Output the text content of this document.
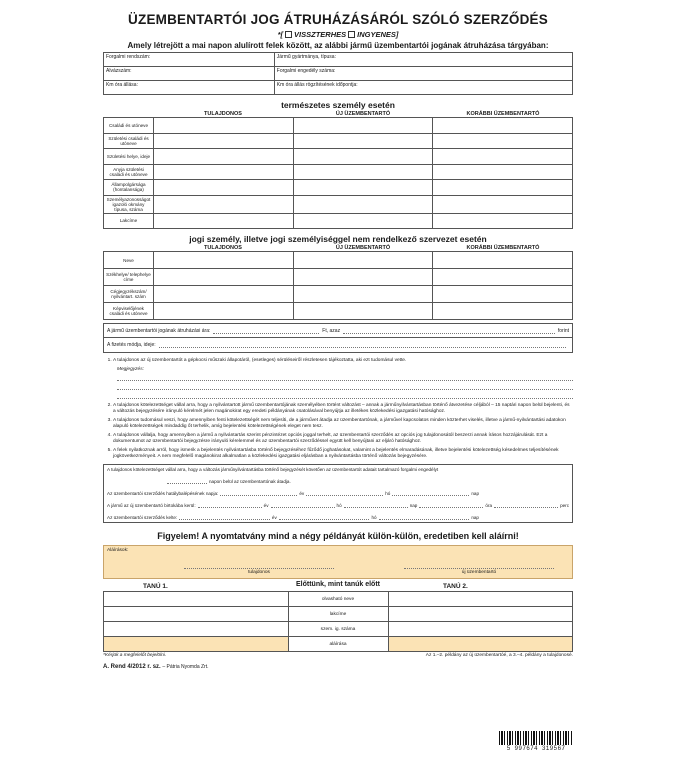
ÜZEMBENTARTÓI JOG ÁTRUHÁZÁSÁRÓL SZÓLÓ SZERZŐDÉS
*[ VISSZTERHES INGYENES]
Amely létrejött a mai napon alulírott felek között, az alábbi jármű üzembentartói jogának átruházása tárgyában:
Forgalmi rendszám:	Jármű gyártmánya, típusa:
Alvázszám:	Forgalmi engedély száma:
Km óra állása:	Km óra állás rögzítésének időpontja:
természetes személy esetén
TULAJDONOS	ÚJ ÜZEMBENTARTÓ	KORÁBBI ÜZEMBENTARTÓ
Családi és utóneve			
Születési családi és utóneve			
Születési helye, ideje			
Anyja születési családi és utóneve			
Állampolgársága (hontalansága)			
Személyazonosságot igazoló okmány típusa, száma			
Lakcíme			
jogi személy, illetve jogi személyiséggel nem rendelkező szervezet esetén
TULAJDONOS	ÚJ ÜZEMBENTARTÓ	KORÁBBI ÜZEMBENTARTÓ
Neve			
Székhelye/ telephelye címe			
Cégjegyzékszám/ nyilvántart. szám			
Képviselőjének családi és utóneve			
A jármű üzembentartói jogának átruházási ára:	Ft, azaz	forint
A fizetés módja, ideje:
1. A tulajdonos az új üzembentartót a gépkocsi műszaki állapotáról, (esetleges) sérüléseiről részletesen tájékoztatta, aki ezt tudomásul vette.
Megjegyzés:
2. A tulajdonos kötelezettséget vállal arra, hogy a nyilvántartott jármű üzembentartójának személyében történt változást – annak a járműnyilvántartásban történő átvezetése céljából – 15 naptári napon belül bejelenti, és a változás bejegyzésére irányuló kérelmét jelen magánokirat egy eredeti példányának csatolásával benyújtja az illetékes közlekedési igazgatási hatósághoz.
3. A tulajdonos tudomásul veszi, hogy amennyiben fenti kötelezettségét nem teljesíti, de a járművet átadja az üzembentartónak, a járművel kapcsolatos minden közterhet viselés, illetve a jármű-nyilvántartási adatokon alapuló kötelezettségek mindaddig őt terhelik, amíg bejelentési kötelezettségének eleget nem tesz.
4. A tulajdonos vállalja, hogy amennyiben a jármű a nyilvántartás szerint pénzintézet opciós joggal terhelt, az üzembentartói szerződés az opciós jog tulajdonosától beszerzi annak írásos hozzájárulását. Ezt a dokumentumot az üzembentartói bejegyzésre irányuló kérelemmel és az üzembentartói szerződéssel együtt kell benyújtani az eljáró hatósághoz.
5. A felek nyilatkoznak arról, hogy ismerik a bejelentés nyilvántartásba történő bejegyzéséhez fűződő joghatásokat, valamint a bejelentés elmaradásának, illetve bejelentési kötelezettség késedelmes teljesítésének jogkövetkezményeit. A nem megfelelő magánokirat alkalmatlan a közlekedési igazgatási eljárásban a nyilvántartásba történő változás bejegyzésére.
A tulajdonos kötelezettséget vállal arra, hogy a változás járműnyilvántartásba történő bejegyzését követően az üzembentartót adatait tartalmazó forgalmi engedélyt
napon belül az üzembentartónak átadja.
Az üzembentartói szerződés hatálybalépésének napja:	év	hó	nap
A jármű az új üzembentartó birtokába kerül:	év	hó	nap	óra	perc
Az üzembentartói szerződés kelte:	év	hó	nap
Figyelem! A nyomtatvány mind a négy példányát külön-külön, eredetiben kell aláírni!
Aláírások:
tulajdonos	új üzembentartó
TANÚ 1.	Előttünk, mint tanúk előtt	TANÚ 2.
	olvasható neve	
	lakcíme	
	szem. ig. száma	
	aláírása	
*Kérjük a megfelelőt bejelölni.	Az 1.–2. példány az új üzembentartóé, a 3.–4. példány a tulajdonosé.
A. Rend 4/2012 r. sz. – Pátria Nyomda Zrt.
5 997674 319567
